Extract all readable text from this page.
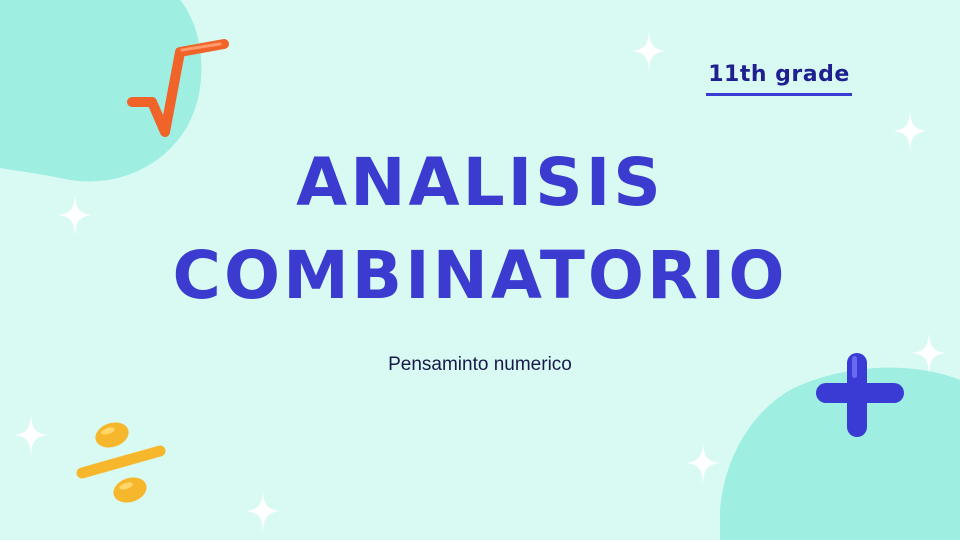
11th grade
ANALISIS
COMBINATORIO
Pensaminto numerico
